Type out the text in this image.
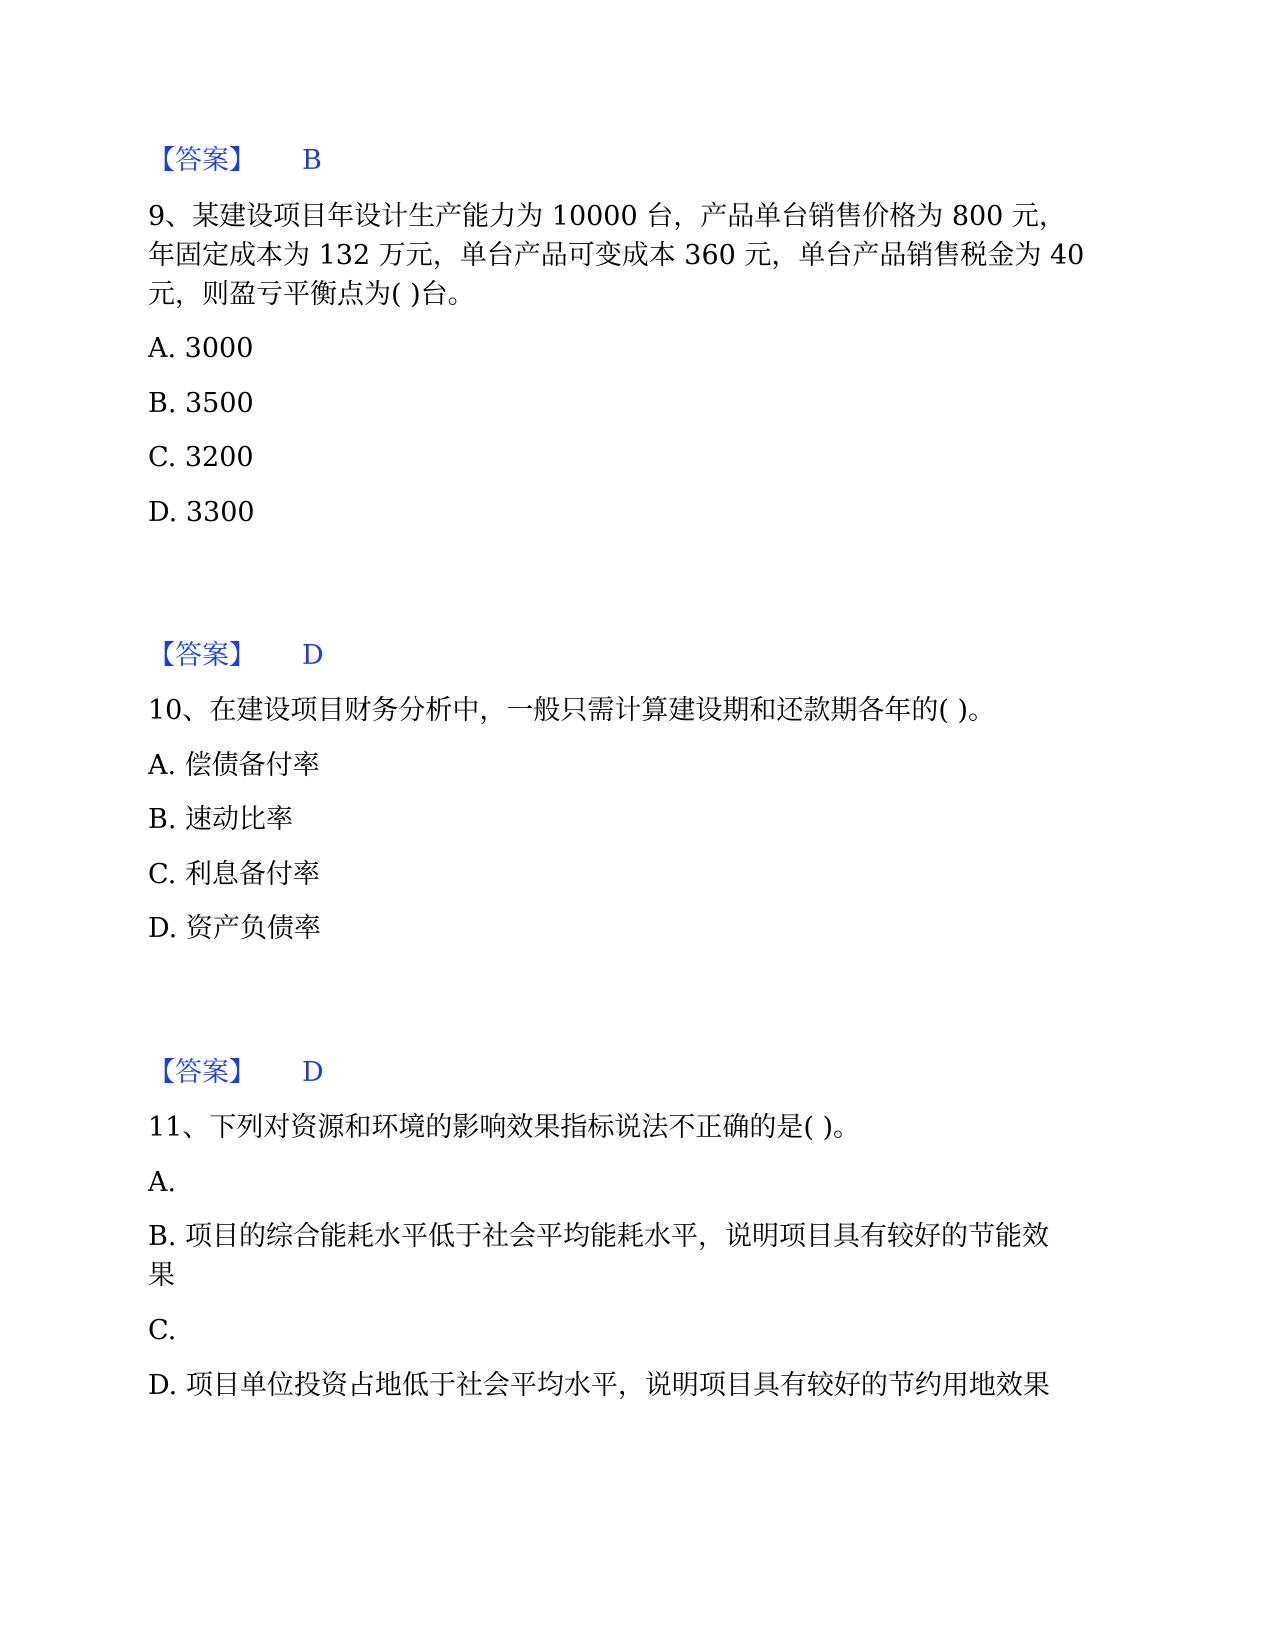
【答案】 B
9、某建设项目年设计生产能力为 10000 台，产品单台销售价格为 800 元，
年固定成本为 132 万元，单台产品可变成本 360 元，单台产品销售税金为 40
元，则盈亏平衡点为( )台。
A. 3000
B. 3500
C. 3200
D. 3300
【答案】 D
10、在建设项目财务分析中，一般只需计算建设期和还款期各年的( )。
A. 偿债备付率
B. 速动比率
C. 利息备付率
D. 资产负债率
【答案】 D
11、下列对资源和环境的影响效果指标说法不正确的是( )。
A.
B. 项目的综合能耗水平低于社会平均能耗水平，说明项目具有较好的节能效
果
C.
D. 项目单位投资占地低于社会平均水平，说明项目具有较好的节约用地效果
